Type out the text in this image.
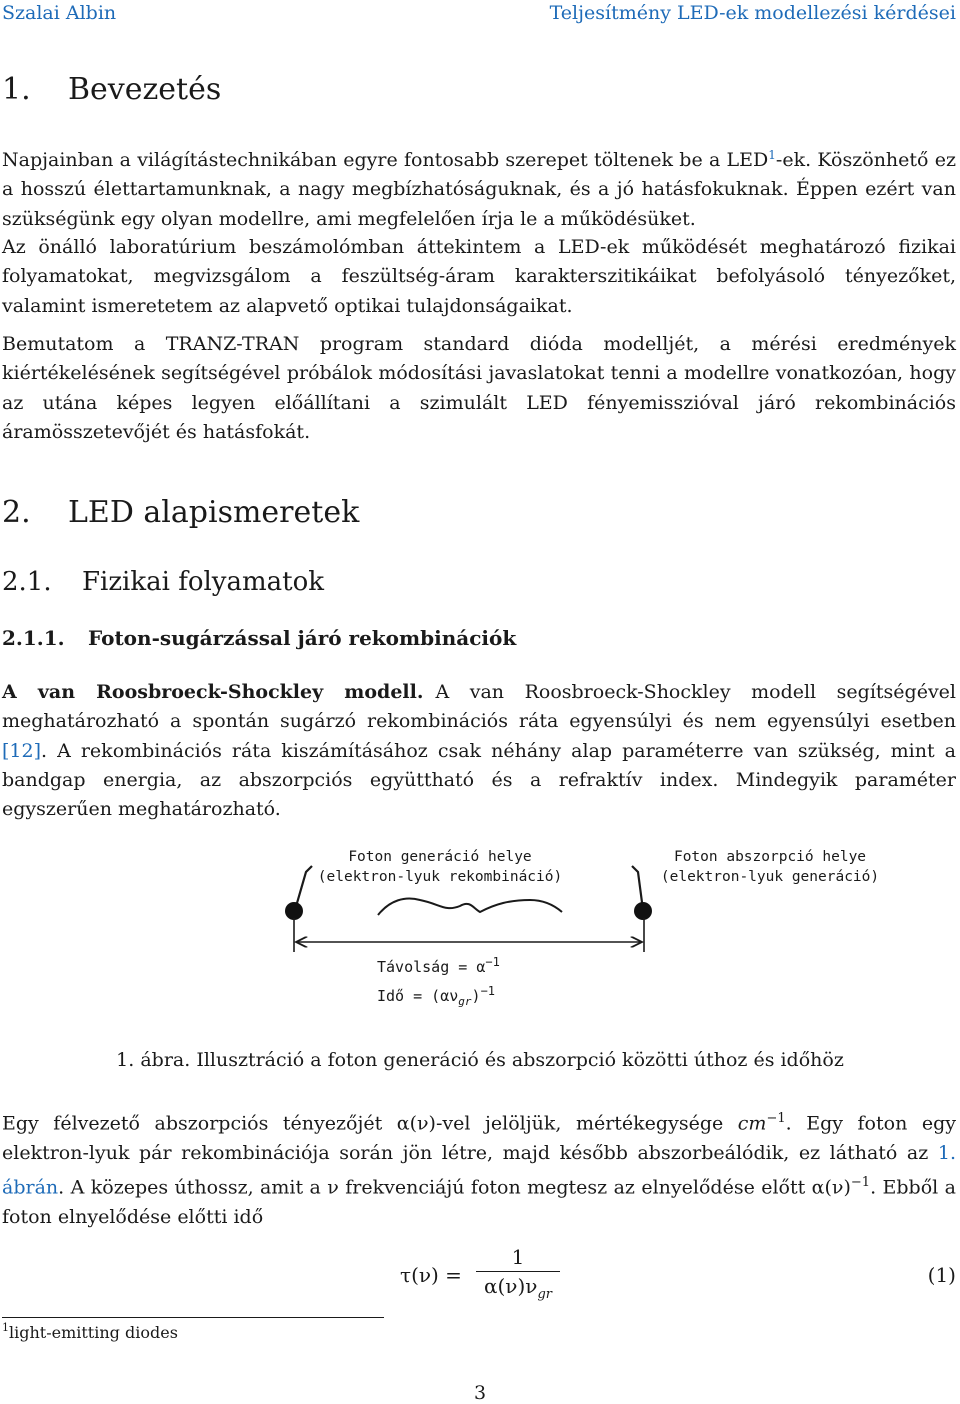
Szalai Albin	Teljesítmény LED-ek modellezési kérdései
1. Bevezetés

Napjainban a világítástechnikában egyre fontosabb szerepet töltenek be a LED$^1$-ek. Köszönhető ez a hosszú élettartamunknak, a nagy megbízhatóságuknak, és a jó hatásfokuknak. Éppen ezért van szükségünk egy olyan modellre, ami megfelelően írja le a működésüket.

Az önálló laboratúrium beszámolómban áttekintem a LED-ek működését meghatározó fizikai folyamatokat, megvizsgálom a feszültség-áram karakterszitikáikat befolyásoló tényezőket, valamint ismeretetem az alapvető optikai tulajdonságaikat.

Bemutatom a TRANZ-TRAN program standard dióda modelljét, a mérési eredmények kiértékelésének segítségével próbálok módosítási javaslatokat tenni a modellre vonatkozóan, hogy az utána képes legyen előállítani a szimulált LED fényemisszióval járó rekombinációs áramösszetevőjét és hatásfokát.

2. LED alapismeretek
2.1. Fizikai folyamatok
2.1.1. Foton-sugárzással járó rekombinációk

A van Roosbroeck-Shockley modell. A van Roosbroeck-Shockley modell segítségével meghatározható a spontán sugárzó rekombinációs ráta egyensúlyi és nem egyensúlyi esetben [12]. A rekombinációs ráta kiszámításához csak néhány alap paraméterre van szükség, mint a bandgap energia, az abszorpciós együttható és a refraktív index. Mindegyik paraméter egyszerűen meghatározható.

Foton generáció helye
(elektron-lyuk rekombináció)
Foton abszorpció helye
(elektron-lyuk generáció)
Távolság = $\alpha^{-1}$
Idő = $(\alpha\nu_{gr})^{-1}$
1. ábra. Illusztráció a foton generáció és abszorpció közötti úthoz és időhöz

Egy félvezető abszorpciós tényezőjét α(ν)-vel jelöljük, mértékegysége $cm^{-1}$. Egy foton egy elektron-lyuk pár rekombinációja során jön létre, majd később abszorbeálódik, ez látható az 1. ábrán. A közepes úthossz, amit a ν frekvenciájú foton megtesz az elnyelődése előtt $\alpha(\nu)^{-1}$. Ebből a foton elnyelődése előtti idő

τ(ν) =
1
$\alpha(\nu)\nu_{gr}$
(1)
$^1$light-emitting diodes
3
